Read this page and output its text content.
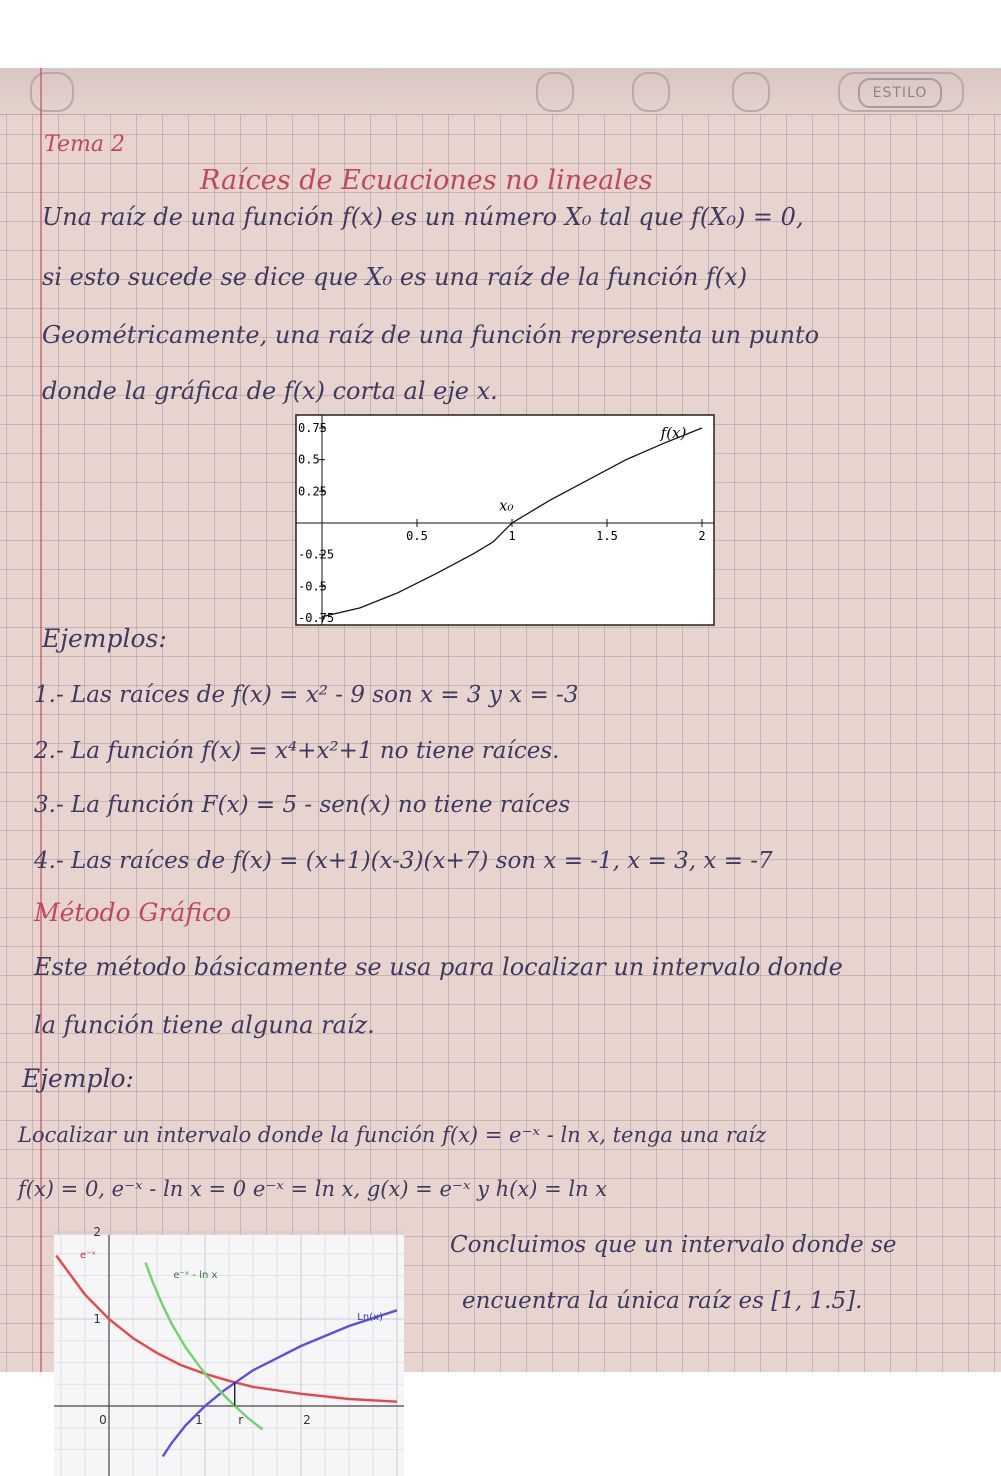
ESTILO
Tema 2
Raíces de Ecuaciones no lineales
Una raíz de una función f(x) es un número X₀ tal que f(X₀) = 0,
si esto sucede se dice que X₀ es una raíz de la función f(x)
Geométricamente, una raíz de una función representa un punto
donde la gráfica de f(x) corta al eje x.
Ejemplos:
1.- Las raíces de f(x) = x² - 9 son x = 3 y x = -3
2.- La función f(x) = x⁴+x²+1 no tiene raíces.
3.- La función F(x) = 5 - sen(x) no tiene raíces
4.- Las raíces de f(x) = (x+1)(x-3)(x+7) son x = -1, x = 3, x = -7
Método Gráfico
Este método básicamente se usa para localizar un intervalo donde
la función tiene alguna raíz.
Ejemplo:
Localizar un intervalo donde la función f(x) = e⁻ˣ - ln x, tenga una raíz
f(x) = 0, e⁻ˣ - ln x = 0 e⁻ˣ = ln x, g(x) = e⁻ˣ y h(x) = ln x
Concluimos que un intervalo donde se
encuentra la única raíz es [1, 1.5].
0.5	1	1.5	2
0.75
0.5
0.25
-0.25
-0.5
-0.75
f(x)
x₀
0	1	r	2
1
2
e⁻ˣ
Ln(x)
e⁻ˣ - ln x
